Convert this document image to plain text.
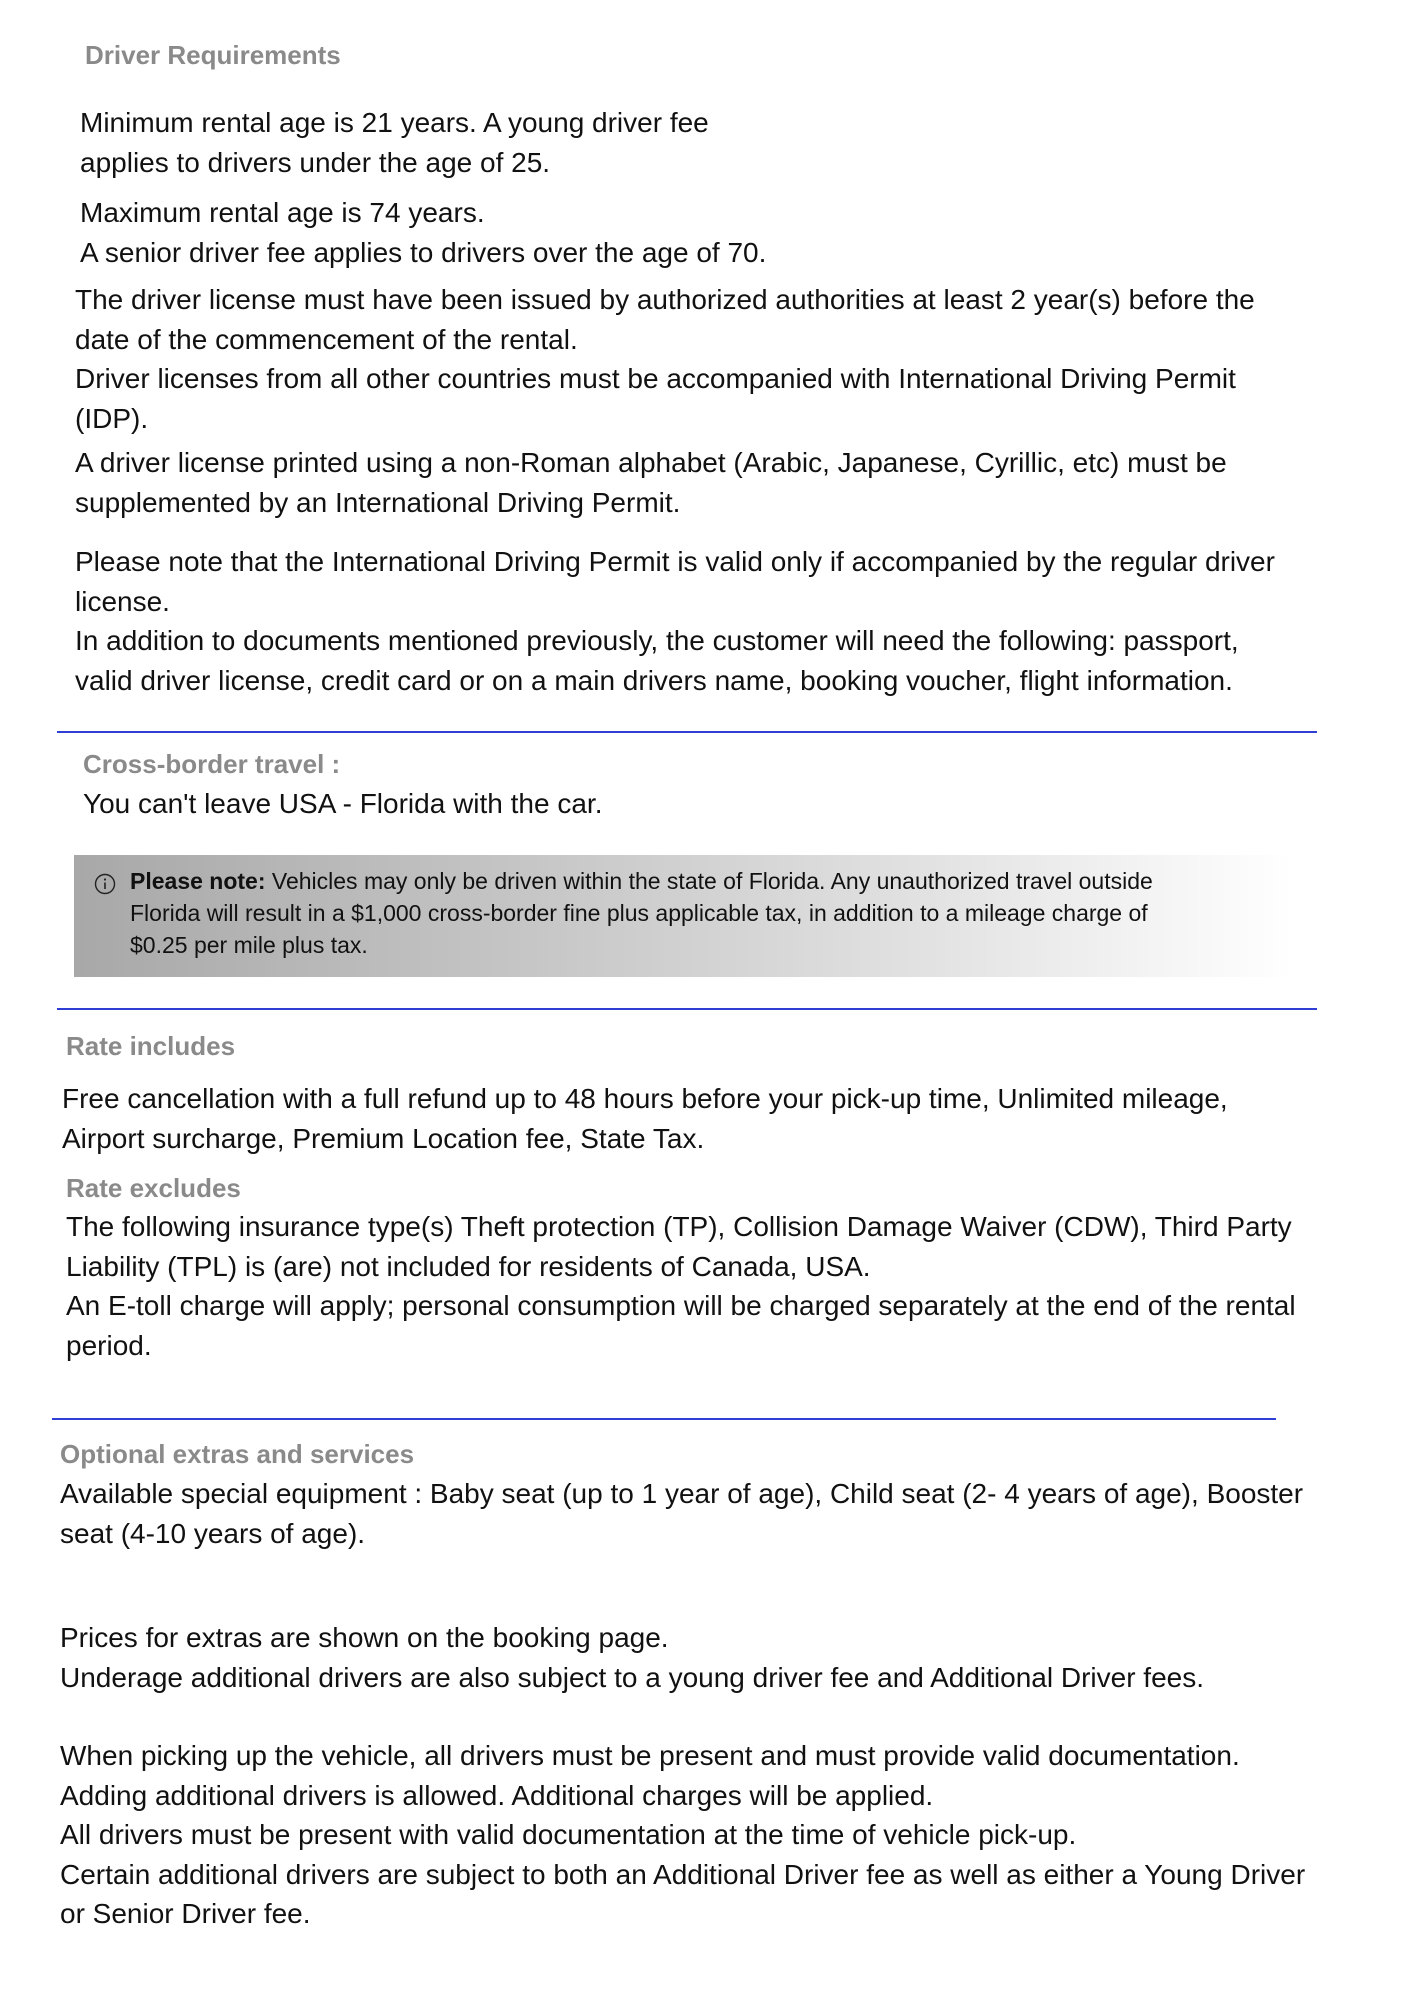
Driver Requirements

Minimum rental age is 21 years. A young driver fee
applies to drivers under the age of 25.

Maximum rental age is 74 years.
A senior driver fee applies to drivers over the age of 70.

The driver license must have been issued by authorized authorities at least 2 year(s) before the
date of the commencement of the rental.

Driver licenses from all other countries must be accompanied with International Driving Permit
(IDP).

A driver license printed using a non-Roman alphabet (Arabic, Japanese, Cyrillic, etc) must be
supplemented by an International Driving Permit.

Please note that the International Driving Permit is valid only if accompanied by the regular driver
license.

In addition to documents mentioned previously, the customer will need the following: passport,
valid driver license, credit card or on a main drivers name, booking voucher, flight information.

Cross-border travel :

You can't leave USA - Florida with the car.

Please note: Vehicles may only be driven within the state of Florida. Any unauthorized travel outside
Florida will result in a $1,000 cross-border fine plus applicable tax, in addition to a mileage charge of
$0.25 per mile plus tax.

Rate includes

Free cancellation with a full refund up to 48 hours before your pick-up time, Unlimited mileage,
Airport surcharge, Premium Location fee, State Tax.

Rate excludes

The following insurance type(s) Theft protection (TP), Collision Damage Waiver (CDW), Third Party
Liability (TPL) is (are) not included for residents of Canada, USA.

An E-toll charge will apply; personal consumption will be charged separately at the end of the rental
period.

Optional extras and services

Available special equipment : Baby seat (up to 1 year of age), Child seat (2- 4 years of age), Booster
seat (4-10 years of age).

Prices for extras are shown on the booking page.
Underage additional drivers are also subject to a young driver fee and Additional Driver fees.

When picking up the vehicle, all drivers must be present and must provide valid documentation.
Adding additional drivers is allowed. Additional charges will be applied.
All drivers must be present with valid documentation at the time of vehicle pick-up.
Certain additional drivers are subject to both an Additional Driver fee as well as either a Young Driver
or Senior Driver fee.
